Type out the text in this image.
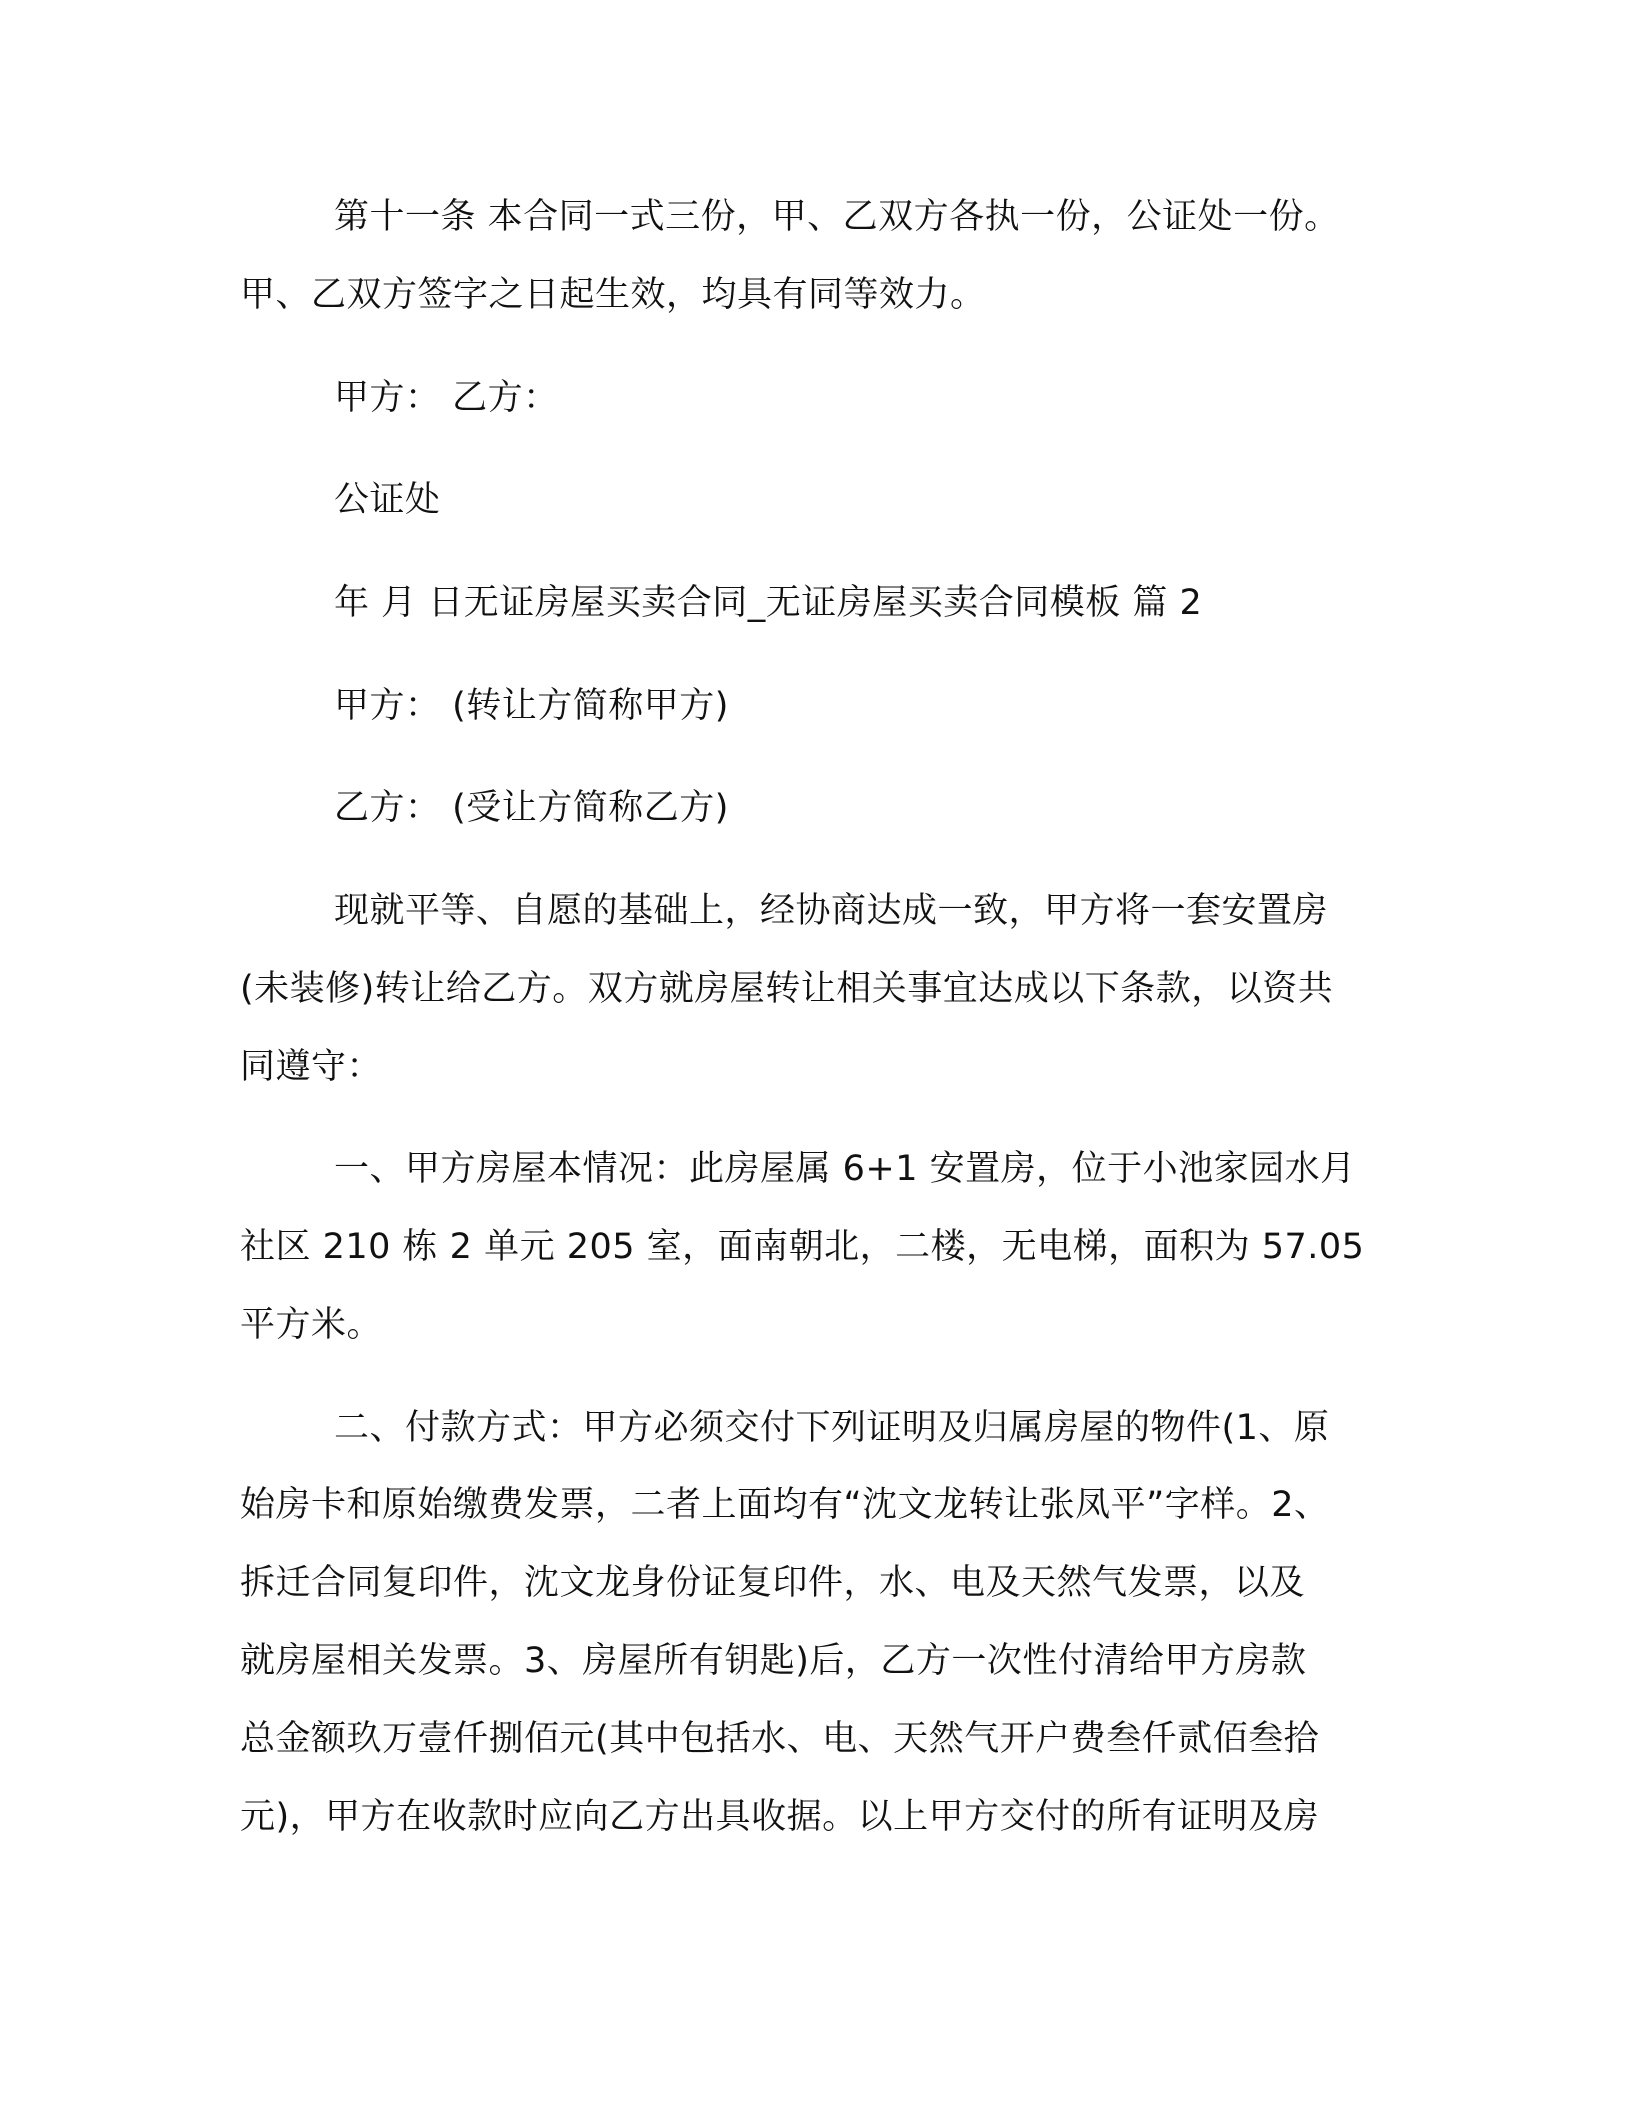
第十一条 本合同一式三份，甲、乙双方各执一份，公证处一份。
甲、乙双方签字之日起生效，均具有同等效力。
甲方： 乙方：
公证处
年 月 日无证房屋买卖合同_无证房屋买卖合同模板 篇 2
甲方： (转让方简称甲方)
乙方： (受让方简称乙方)
现就平等、自愿的基础上，经协商达成一致，甲方将一套安置房
(未装修)转让给乙方。双方就房屋转让相关事宜达成以下条款，以资共
同遵守：
一、甲方房屋本情况：此房屋属 6+1 安置房，位于小池家园水月
社区 210 栋 2 单元 205 室，面南朝北，二楼，无电梯，面积为 57.05
平方米。
二、付款方式：甲方必须交付下列证明及归属房屋的物件(1、原
始房卡和原始缴费发票，二者上面均有“沈文龙转让张凤平”字样。2、
拆迁合同复印件，沈文龙身份证复印件，水、电及天然气发票，以及
就房屋相关发票。3、房屋所有钥匙)后，乙方一次性付清给甲方房款
总金额玖万壹仟捌佰元(其中包括水、电、天然气开户费叁仟贰佰叁拾
元)，甲方在收款时应向乙方出具收据。以上甲方交付的所有证明及房
